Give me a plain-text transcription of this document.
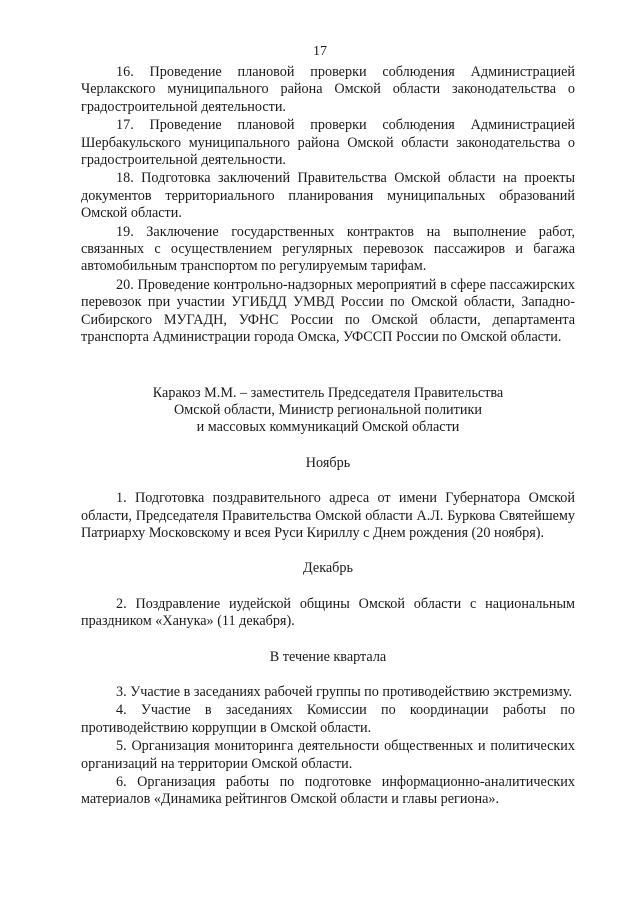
17

16. Проведение плановой проверки соблюдения Администрацией Черлакского муниципального района Омской области законодательства о градостроительной деятельности.

17. Проведение плановой проверки соблюдения Администрацией Шербакульского муниципального района Омской области законодательства о градостроительной деятельности.

18. Подготовка заключений Правительства Омской области на проекты документов территориального планирования муниципальных образований Омской области.

19. Заключение государственных контрактов на выполнение работ, связанных с осуществлением регулярных перевозок пассажиров и багажа автомобильным транспортом по регулируемым тарифам.

20. Проведение контрольно-надзорных мероприятий в сфере пассажирских перевозок при участии УГИБДД УМВД России по Омской области, Западно-Сибирского МУГАДН, УФНС России по Омской области, департамента транспорта Администрации города Омска, УФССП России по Омской области.

Каракоз М.М. – заместитель Председателя Правительства
Омской области, Министр региональной политики
и массовых коммуникаций Омской области

Ноябрь

1. Подготовка поздравительного адреса от имени Губернатора Омской области, Председателя Правительства Омской области А.Л. Буркова Святейшему Патриарху Московскому и всея Руси Кириллу с Днем рождения (20 ноября).

Декабрь

2. Поздравление иудейской общины Омской области с национальным праздником «Ханука» (11 декабря).

В течение квартала

3. Участие в заседаниях рабочей группы по противодействию экстремизму.

4. Участие в заседаниях Комиссии по координации работы по противодействию коррупции в Омской области.

5. Организация мониторинга деятельности общественных и политических организаций на территории Омской области.

6. Организация работы по подготовке информационно-аналитических материалов «Динамика рейтингов Омской области и главы региона».
